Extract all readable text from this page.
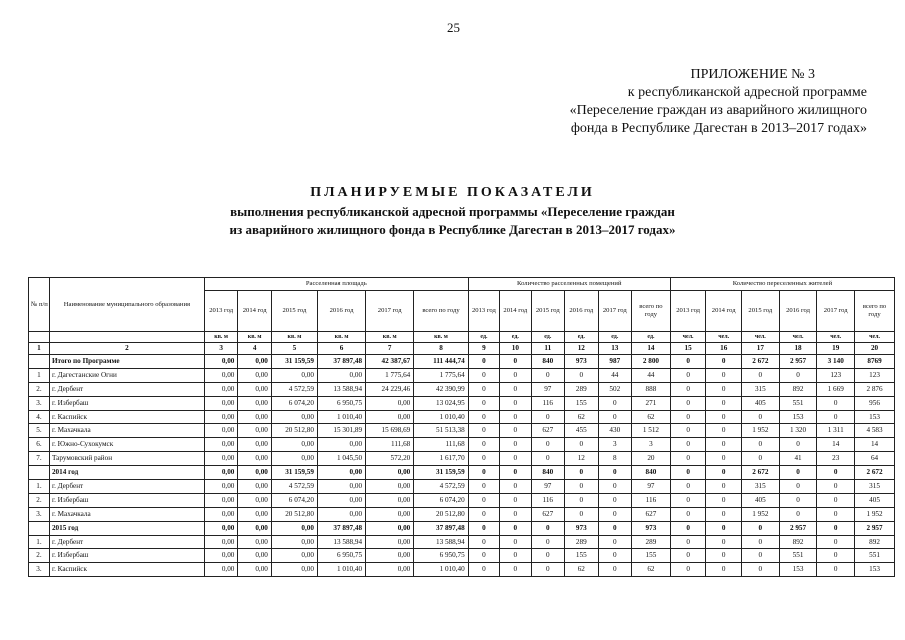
25
ПРИЛОЖЕНИЕ № 3
к республиканской адресной программе
«Переселение граждан из аварийного жилищного
фонда в Республике Дагестан в 2013–2017 годах»
ПЛАНИРУЕМЫЕ ПОКАЗАТЕЛИ
выполнения республиканской адресной программы «Переселение граждан
из аварийного жилищного фонда в Республике Дагестан в 2013–2017 годах»
№ п/п	Наименование муниципального образования	Расселенная площадь						Количество расселенных помещений						Количество переселенных жителей					
		2013 год	2014 год	2015 год	2016 год	2017 год	всего по году	2013 год	2014 год	2015 год	2016 год	2017 год	всего по году	2013 год	2014 год	2015 год	2016 год	2017 год	всего по году
		кв. м	кв. м	кв. м	кв. м	кв. м	кв. м	ед.	ед.	ед.	ед.	ед.	ед.	чел.	чел.	чел.	чел.	чел.	чел.
1	2	3	4	5	6	7	8	9	10	11	12	13	14	15	16	17	18	19	20
	Итого по Программе	0,00	0,00	31 159,59	37 897,48	42 387,67	111 444,74	0	0	840	973	987	2 800	0	0	2 672	2 957	3 140	8769
1	г. Дагестанские Огни	0,00	0,00	0,00	0,00	1 775,64	1 775,64	0	0	0	0	44	44	0	0	0	0	123	123
2.	г. Дербент	0,00	0,00	4 572,59	13 588,94	24 229,46	42 390,99	0	0	97	289	502	888	0	0	315	892	1 669	2 876
3.	г. Избербаш	0,00	0,00	6 074,20	6 950,75	0,00	13 024,95	0	0	116	155	0	271	0	0	405	551	0	956
4.	г. Каспийск	0,00	0,00	0,00	1 010,40	0,00	1 010,40	0	0	0	62	0	62	0	0	0	153	0	153
5.	г. Махачкала	0,00	0,00	20 512,80	15 301,89	15 698,69	51 513,38	0	0	627	455	430	1 512	0	0	1 952	1 320	1 311	4 583
6.	г. Южно-Сухокумск	0,00	0,00	0,00	0,00	111,68	111,68	0	0	0	0	3	3	0	0	0	0	14	14
7.	Тарумовский район	0,00	0,00	0,00	1 045,50	572,20	1 617,70	0	0	0	12	8	20	0	0	0	41	23	64
	2014 год	0,00	0,00	31 159,59	0,00	0,00	31 159,59	0	0	840	0	0	840	0	0	2 672	0	0	2 672
1.	г. Дербент	0,00	0,00	4 572,59	0,00	0,00	4 572,59	0	0	97	0	0	97	0	0	315	0	0	315
2.	г. Избербаш	0,00	0,00	6 074,20	0,00	0,00	6 074,20	0	0	116	0	0	116	0	0	405	0	0	405
3.	г. Махачкала	0,00	0,00	20 512,80	0,00	0,00	20 512,80	0	0	627	0	0	627	0	0	1 952	0	0	1 952
	2015 год	0,00	0,00	0,00	37 897,48	0,00	37 897,48	0	0	0	973	0	973	0	0	0	2 957	0	2 957
1.	г. Дербент	0,00	0,00	0,00	13 588,94	0,00	13 588,94	0	0	0	289	0	289	0	0	0	892	0	892
2.	г. Избербаш	0,00	0,00	0,00	6 950,75	0,00	6 950,75	0	0	0	155	0	155	0	0	0	551	0	551
3.	г. Каспийск	0,00	0,00	0,00	1 010,40	0,00	1 010,40	0	0	0	62	0	62	0	0	0	153	0	153
